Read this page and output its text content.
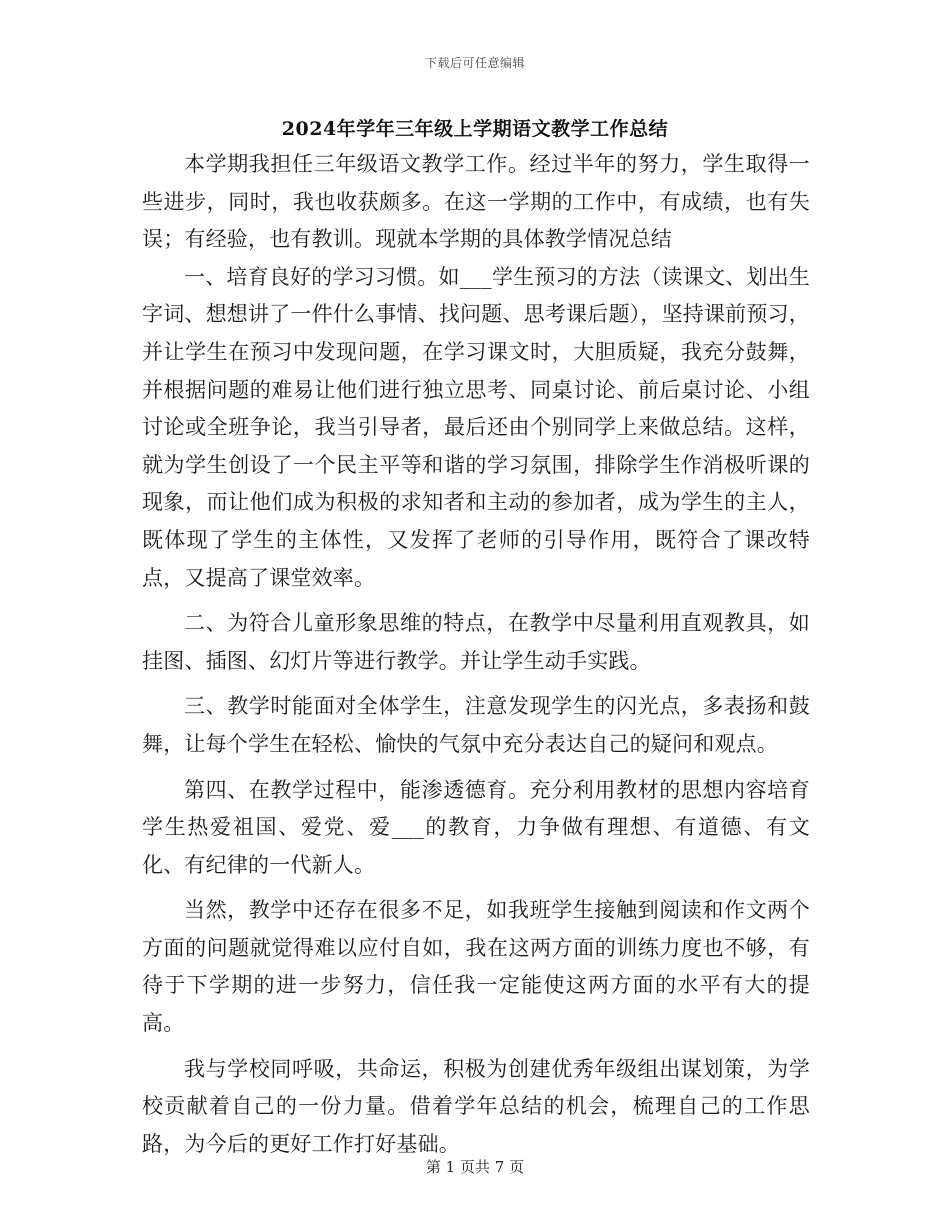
下载后可任意编辑
2024年学年三年级上学期语文教学工作总结

本学期我担任三年级语文教学工作。经过半年的努力，学生取得一些进步，同时，我也收获颇多。在这一学期的工作中，有成绩，也有失误；有经验，也有教训。现就本学期的具体教学情况总结

一、培育良好的学习习惯。如___学生预习的方法（读课文、划出生字词、想想讲了一件什么事情、找问题、思考课后题），坚持课前预习，并让学生在预习中发现问题，在学习课文时，大胆质疑，我充分鼓舞，并根据问题的难易让他们进行独立思考、同桌讨论、前后桌讨论、小组讨论或全班争论，我当引导者，最后还由个别同学上来做总结。这样，就为学生创设了一个民主平等和谐的学习氛围，排除学生作消极听课的现象，而让他们成为积极的求知者和主动的参加者，成为学生的主人，既体现了学生的主体性，又发挥了老师的引导作用，既符合了课改特点，又提高了课堂效率。

二、为符合儿童形象思维的特点，在教学中尽量利用直观教具，如挂图、插图、幻灯片等进行教学。并让学生动手实践。

三、教学时能面对全体学生，注意发现学生的闪光点，多表扬和鼓舞，让每个学生在轻松、愉快的气氛中充分表达自己的疑问和观点。

第四、在教学过程中，能渗透德育。充分利用教材的思想内容培育学生热爱祖国、爱党、爱___的教育，力争做有理想、有道德、有文化、有纪律的一代新人。

当然，教学中还存在很多不足，如我班学生接触到阅读和作文两个方面的问题就觉得难以应付自如，我在这两方面的训练力度也不够，有待于下学期的进一步努力，信任我一定能使这两方面的水平有大的提高。

我与学校同呼吸，共命运，积极为创建优秀年级组出谋划策，为学校贡献着自己的一份力量。借着学年总结的机会，梳理自己的工作思路，为今后的更好工作打好基础。

第 1 页共 7 页
